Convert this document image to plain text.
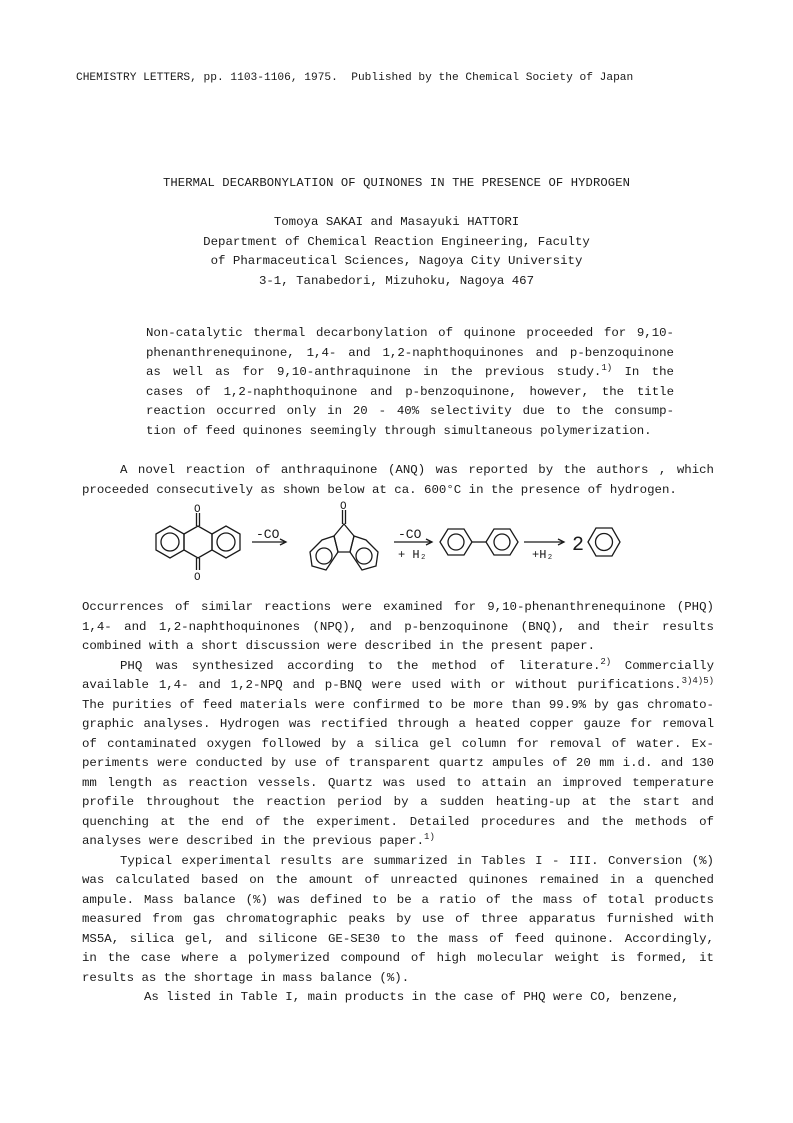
CHEMISTRY LETTERS, pp. 1103-1106, 1975.  Published by the Chemical Society of Japan
THERMAL DECARBONYLATION OF QUINONES IN THE PRESENCE OF HYDROGEN
Tomoya SAKAI and Masayuki HATTORI
Department of Chemical Reaction Engineering, Faculty
of Pharmaceutical Sciences, Nagoya City University
3-1, Tanabedori, Mizuhoku, Nagoya 467
Non-catalytic thermal decarbonylation of quinone proceeded for 9,10-
phenanthrenequinone, 1,4- and 1,2-naphthoquinones and p-benzoquinone
as well as for 9,10-anthraquinone in the previous study.$^{1)}$ In the
cases of 1,2-naphthoquinone and p-benzoquinone, however, the title
reaction occurred only in 20 - 40% selectivity due to the consump-
tion of feed quinones seemingly through simultaneous polymerization.
A novel reaction of anthraquinone (ANQ) was reported by the authors , which
proceeded consecutively as shown below at ca. 600°C in the presence of hydrogen.
O
O
O
-CO	-CO
+ H₂	+H₂ 2
Occurrences of similar reactions were examined for 9,10-phenanthrenequinone (PHQ)
1,4- and 1,2-naphthoquinones (NPQ), and p-benzoquinone (BNQ), and their results
combined with a short discussion were described in the present paper.
PHQ was synthesized according to the method of literature.$^{2)}$ Commercially
available 1,4- and 1,2-NPQ and p-BNQ were used with or without purifications.$^{3)4)5)}$
The purities of feed materials were confirmed to be more than 99.9% by gas chromato-
graphic analyses. Hydrogen was rectified through a heated copper gauze for removal
of contaminated oxygen followed by a silica gel column for removal of water. Ex-
periments were conducted by use of transparent quartz ampules of 20 mm i.d. and 130
mm length as reaction vessels. Quartz was used to attain an improved temperature
profile throughout the reaction period by a sudden heating-up at the start and
quenching at the end of the experiment. Detailed procedures and the methods of
analyses were described in the previous paper.$^{1)}$
Typical experimental results are summarized in Tables I - III. Conversion (%)
was calculated based on the amount of unreacted quinones remained in a quenched
ampule. Mass balance (%) was defined to be a ratio of the mass of total products
measured from gas chromatographic peaks by use of three apparatus furnished with
MS5A, silica gel, and silicone GE-SE30 to the mass of feed quinone. Accordingly,
in the case where a polymerized compound of high molecular weight is formed, it
results as the shortage in mass balance (%).
As listed in Table I, main products in the case of PHQ were CO, benzene,
